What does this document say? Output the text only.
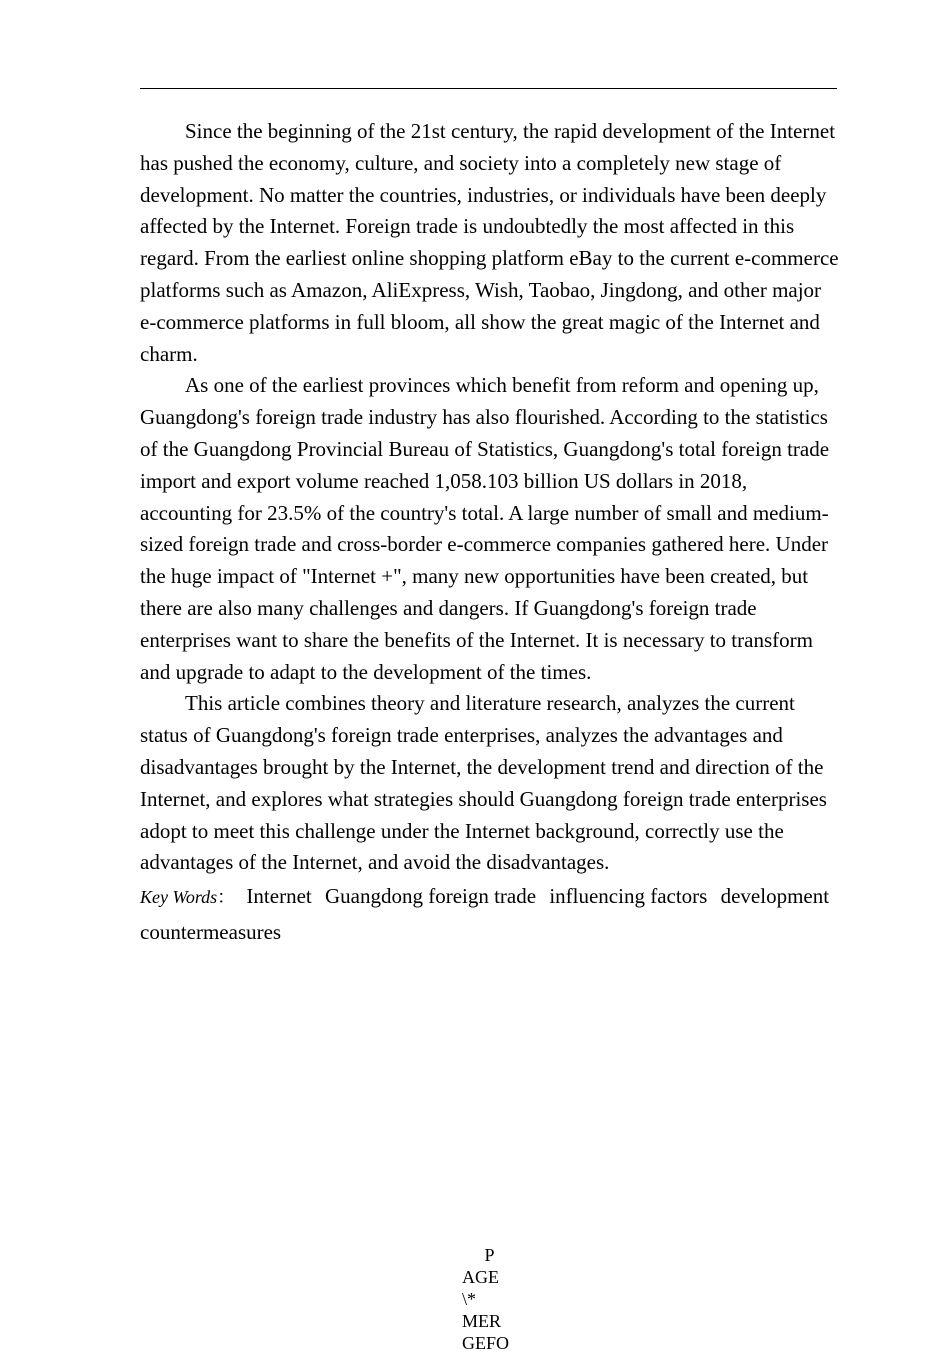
Since the beginning of the 21st century, the rapid development of the Internet has pushed the economy, culture, and society into a completely new stage of development. No matter the countries, industries, or individuals have been deeply affected by the Internet. Foreign trade is undoubtedly the most affected in this regard. From the earliest online shopping platform eBay to the current e-commerce platforms such as Amazon, AliExpress, Wish, Taobao, Jingdong, and other major e-commerce platforms in full bloom, all show the great magic of the Internet and charm.

As one of the earliest provinces which benefit from reform and opening up, Guangdong's foreign trade industry has also flourished. According to the statistics of the Guangdong Provincial Bureau of Statistics, Guangdong's total foreign trade import and export volume reached 1,058.103 billion US dollars in 2018, accounting for 23.5% of the country's total. A large number of small and medium-sized foreign trade and cross-border e-commerce companies gathered here. Under the huge impact of "Internet +", many new opportunities have been created, but there are also many challenges and dangers. If Guangdong's foreign trade enterprises want to share the benefits of the Internet. It is necessary to transform and upgrade to adapt to the development of the times.

This article combines theory and literature research, analyzes the current status of Guangdong's foreign trade enterprises, analyzes the advantages and disadvantages brought by the Internet, the development trend and direction of the Internet, and explores what strategies should Guangdong foreign trade enterprises adopt to meet this challenge under the Internet background, correctly use the advantages of the Internet, and avoid the disadvantages.

Key Words： Internet Guangdong foreign trade influencing factors development countermeasures
P
AGE
\*
MER
GEFO
